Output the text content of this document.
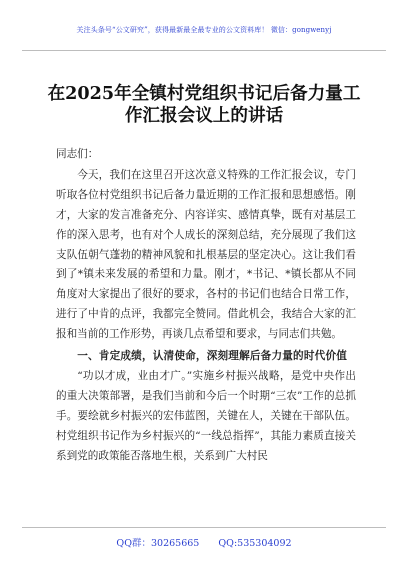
关注头条号“公文研究”，获得最新最全最专业的公文资料库！ 微信：gongwenyj
在2025年全镇村党组织书记后备力量工作汇报会议上的讲话

同志们：

今天，我们在这里召开这次意义特殊的工作汇报会议，专门听取各位村党组织书记后备力量近期的工作汇报和思想感悟。刚才，大家的发言准备充分、内容详实、感情真挚，既有对基层工作的深入思考，也有对个人成长的深刻总结，充分展现了我们这支队伍朝气蓬勃的精神风貌和扎根基层的坚定决心。这让我们看到了*镇未来发展的希望和力量。刚才，*书记、*镇长都从不同角度对大家提出了很好的要求，各村的书记们也结合日常工作，进行了中肯的点评，我都完全赞同。借此机会，我结合大家的汇报和当前的工作形势，再谈几点希望和要求，与同志们共勉。

一、肯定成绩，认清使命，深刻理解后备力量的时代价值

“功以才成，业由才广。”实施乡村振兴战略，是党中央作出的重大决策部署，是我们当前和今后一个时期“三农”工作的总抓手。要绘就乡村振兴的宏伟蓝图，关键在人，关键在干部队伍。村党组织书记作为乡村振兴的“一线总指挥”，其能力素质直接关系到党的政策能否落地生根，关系到广大村民

QQ群：30265665 QQ:535304092
